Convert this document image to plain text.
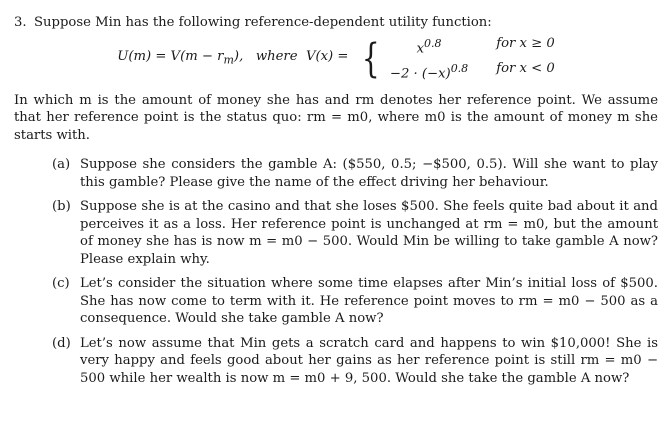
3. Suppose Min has the following reference-dependent utility function:
$U(m) = V(m - r_m)$, where V(x) = {	$x^{0.8}$	for x ≥ 0
$-2 \cdot (-x)^{0.8}$ for x < 0

In which m is the amount of money she has and rm denotes her reference point. We assume that her reference point is the status quo: rm = m0, where m0 is the amount of money m she starts with.

(a) Suppose she considers the gamble A: ($550, 0.5; −$500, 0.5). Will she want to play this gamble? Please give the name of the effect driving her behaviour.
(b) Suppose she is at the casino and that she loses $500. She feels quite bad about it and perceives it as a loss. Her reference point is unchanged at rm = m0, but the amount of money she has is now m = m0 − 500. Would Min be willing to take gamble A now? Please explain why.
(c) Let’s consider the situation where some time elapses after Min’s initial loss of $500. She has now come to term with it. He reference point moves to rm = m0 − 500 as a consequence. Would she take gamble A now?
(d) Let’s now assume that Min gets a scratch card and happens to win $10,000! She is very happy and feels good about her gains as her reference point is still rm = m0 − 500 while her wealth is now m = m0 + 9, 500. Would she take the gamble A now?
